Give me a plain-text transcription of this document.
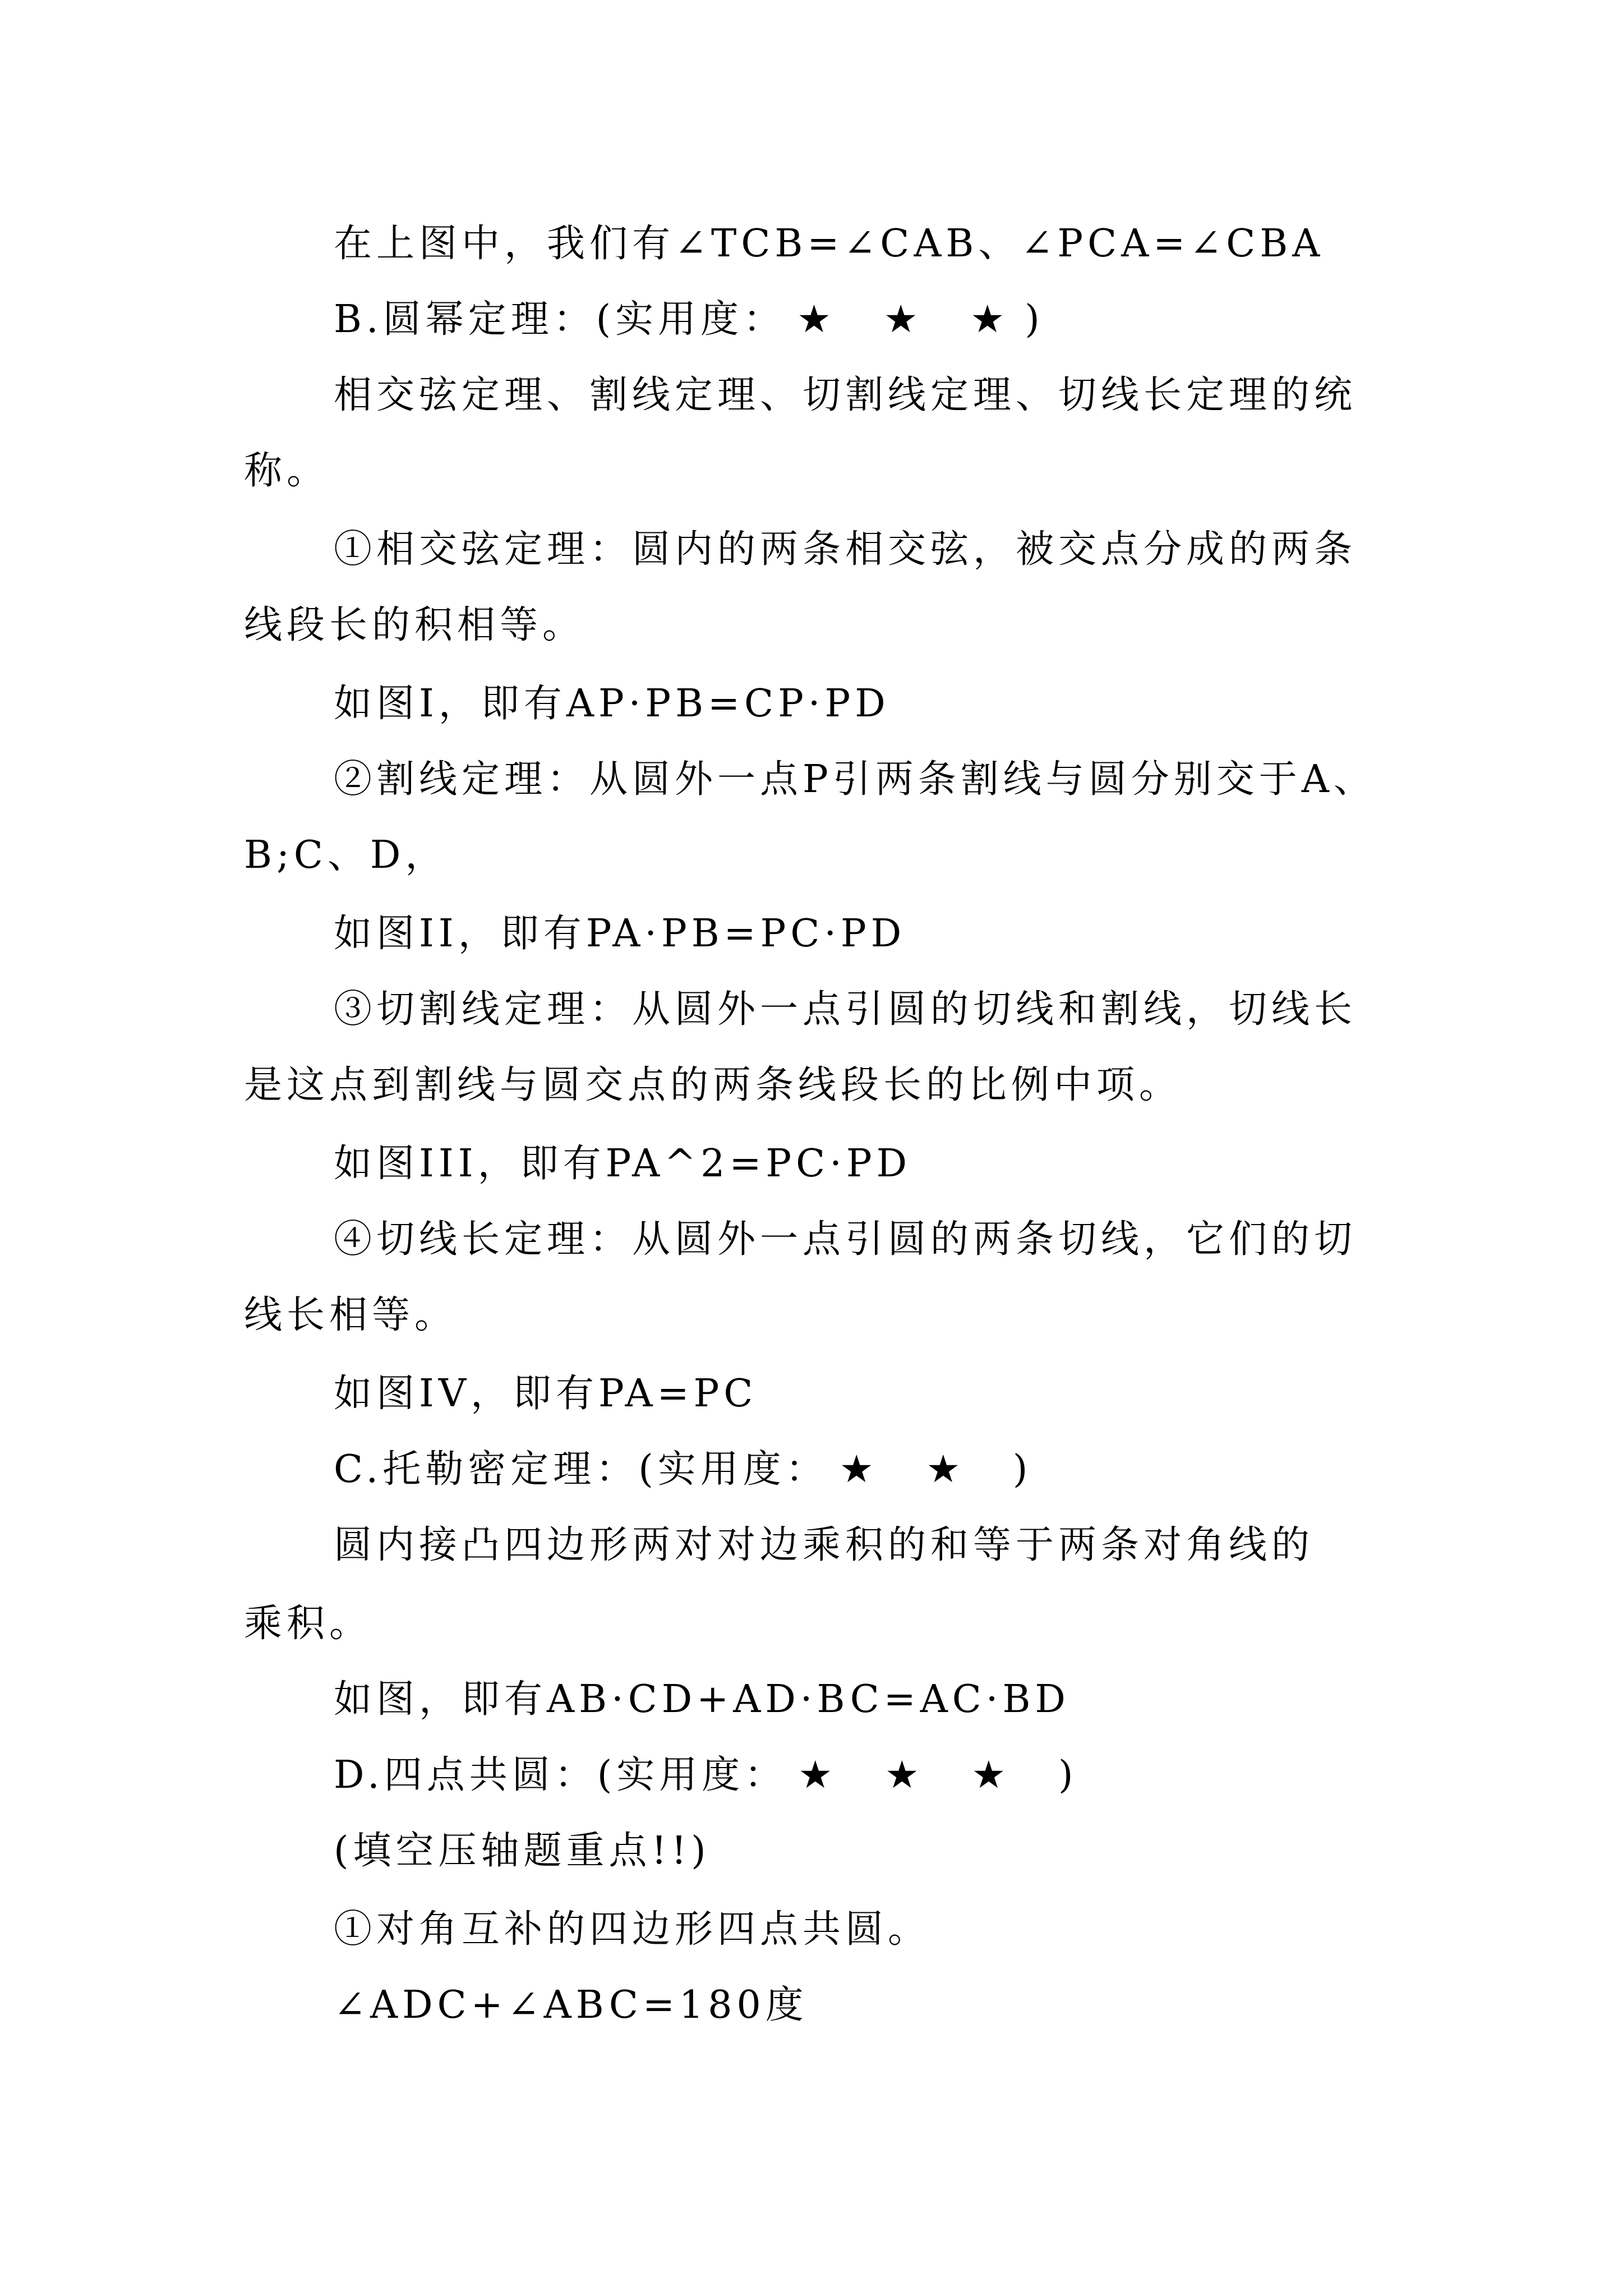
在上图中，我们有∠TCB=∠CAB、∠PCA=∠CBA
B.圆幂定理：(实用度： ★ ★ ★)
相交弦定理、割线定理、切割线定理、切线长定理的统
称。
①相交弦定理：圆内的两条相交弦，被交点分成的两条
线段长的积相等。
如图I，即有AP·PB=CP·PD
②割线定理：从圆外一点P引两条割线与圆分别交于A、
B;C、D，
如图II，即有PA·PB=PC·PD
③切割线定理：从圆外一点引圆的切线和割线，切线长
是这点到割线与圆交点的两条线段长的比例中项。
如图III，即有PA^2=PC·PD
④切线长定理：从圆外一点引圆的两条切线，它们的切
线长相等。
如图IV，即有PA=PC
C.托勒密定理：(实用度： ★ ★ )
圆内接凸四边形两对对边乘积的和等于两条对角线的
乘积。
如图，即有AB·CD+AD·BC=AC·BD
D.四点共圆：(实用度： ★ ★ ★ )
(填空压轴题重点!!)
①对角互补的四边形四点共圆。
∠ADC+∠ABC=180度
